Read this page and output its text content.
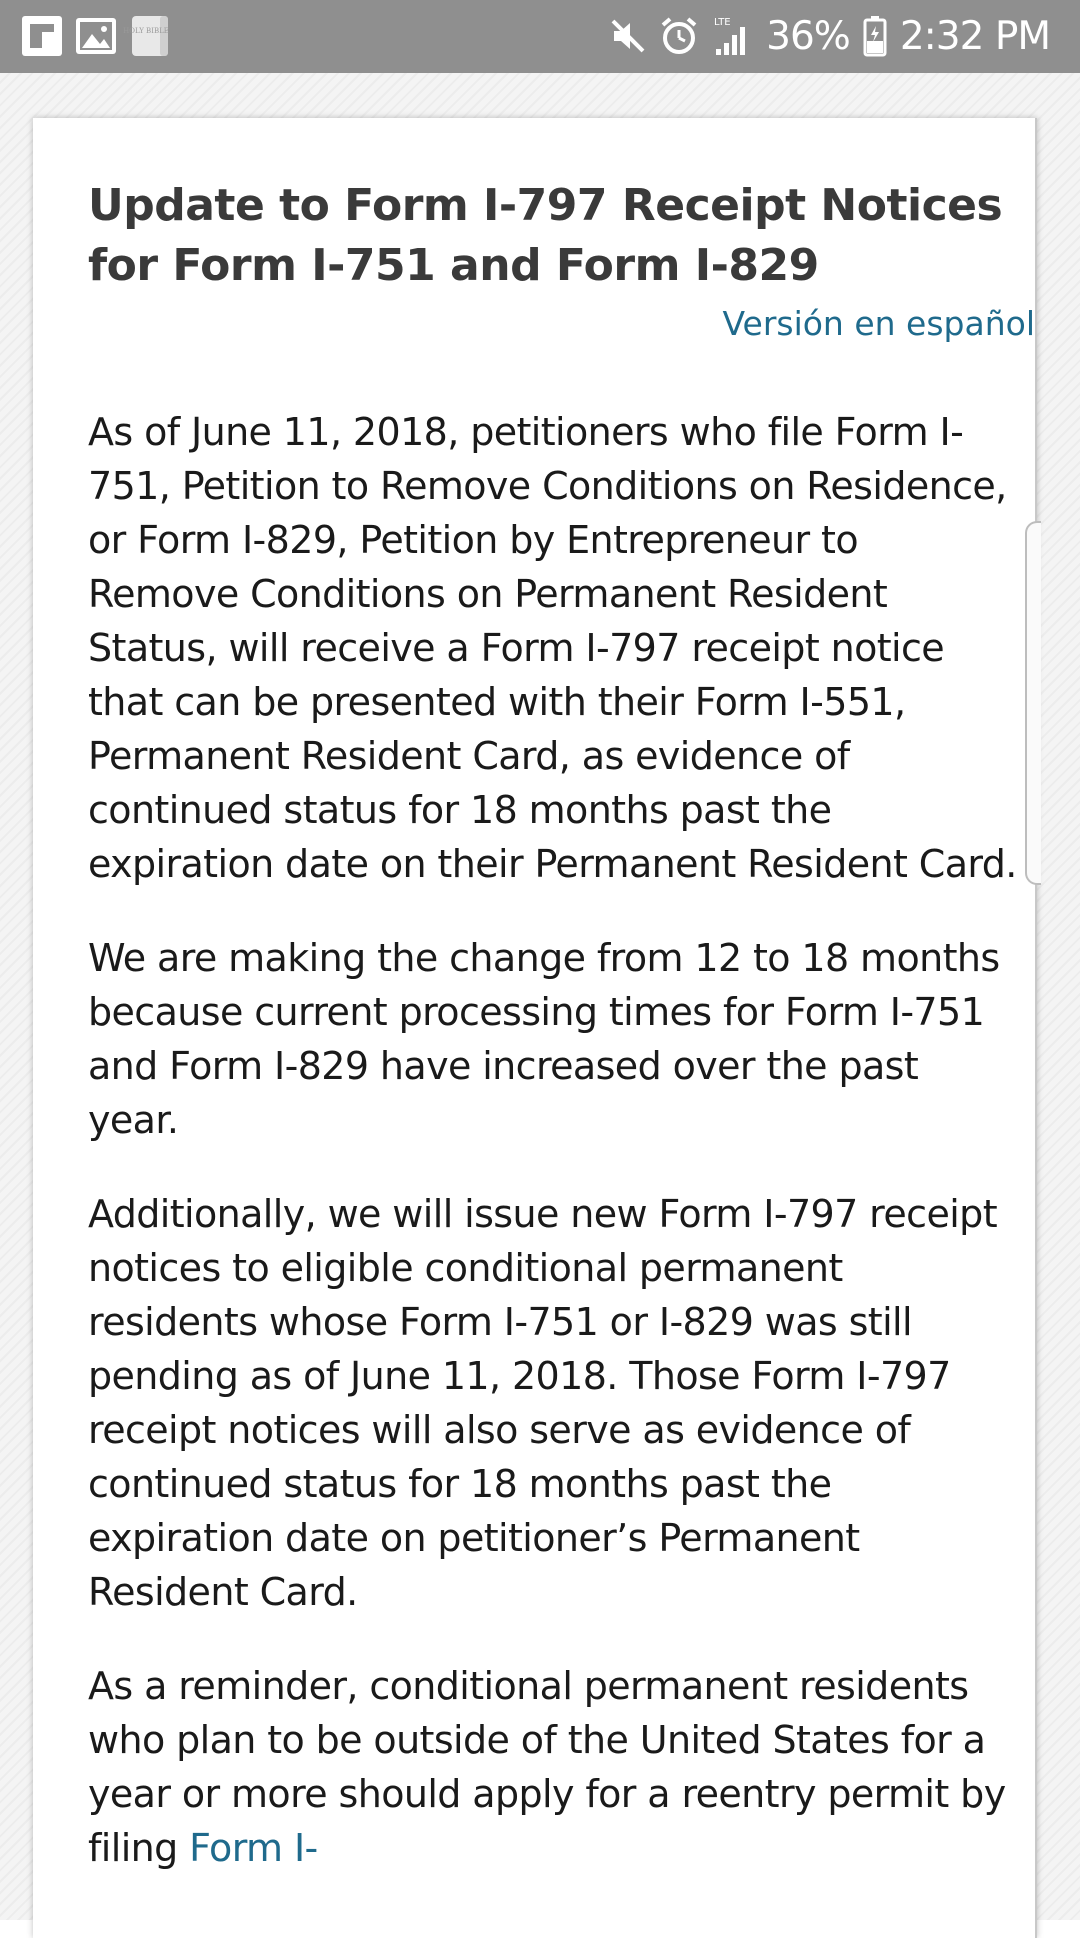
HOLY BIBLE
LTE 36% 2:32 PM
Update to Form I-797 Receipt Notices for Form I-751 and Form I-829
Versión en español

As of June 11, 2018, petitioners who file Form I-751, Petition to Remove Conditions on Residence, or Form I-829, Petition by Entrepreneur to Remove Conditions on Permanent Resident Status, will receive a Form I-797 receipt notice that can be presented with their Form I-551, Permanent Resident Card, as evidence of continued status for 18 months past the expiration date on their Permanent Resident Card.

We are making the change from 12 to 18 months because current processing times for Form I-751 and Form I-829 have increased over the past year.

Additionally, we will issue new Form I-797 receipt notices to eligible conditional permanent residents whose Form I-751 or I-829 was still pending as of June 11, 2018. Those Form I-797 receipt notices will also serve as evidence of continued status for 18 months past the expiration date on petitioner’s Permanent Resident Card.

As a reminder, conditional permanent residents who plan to be outside of the United States for a year or more should apply for a reentry permit by filing Form I-
